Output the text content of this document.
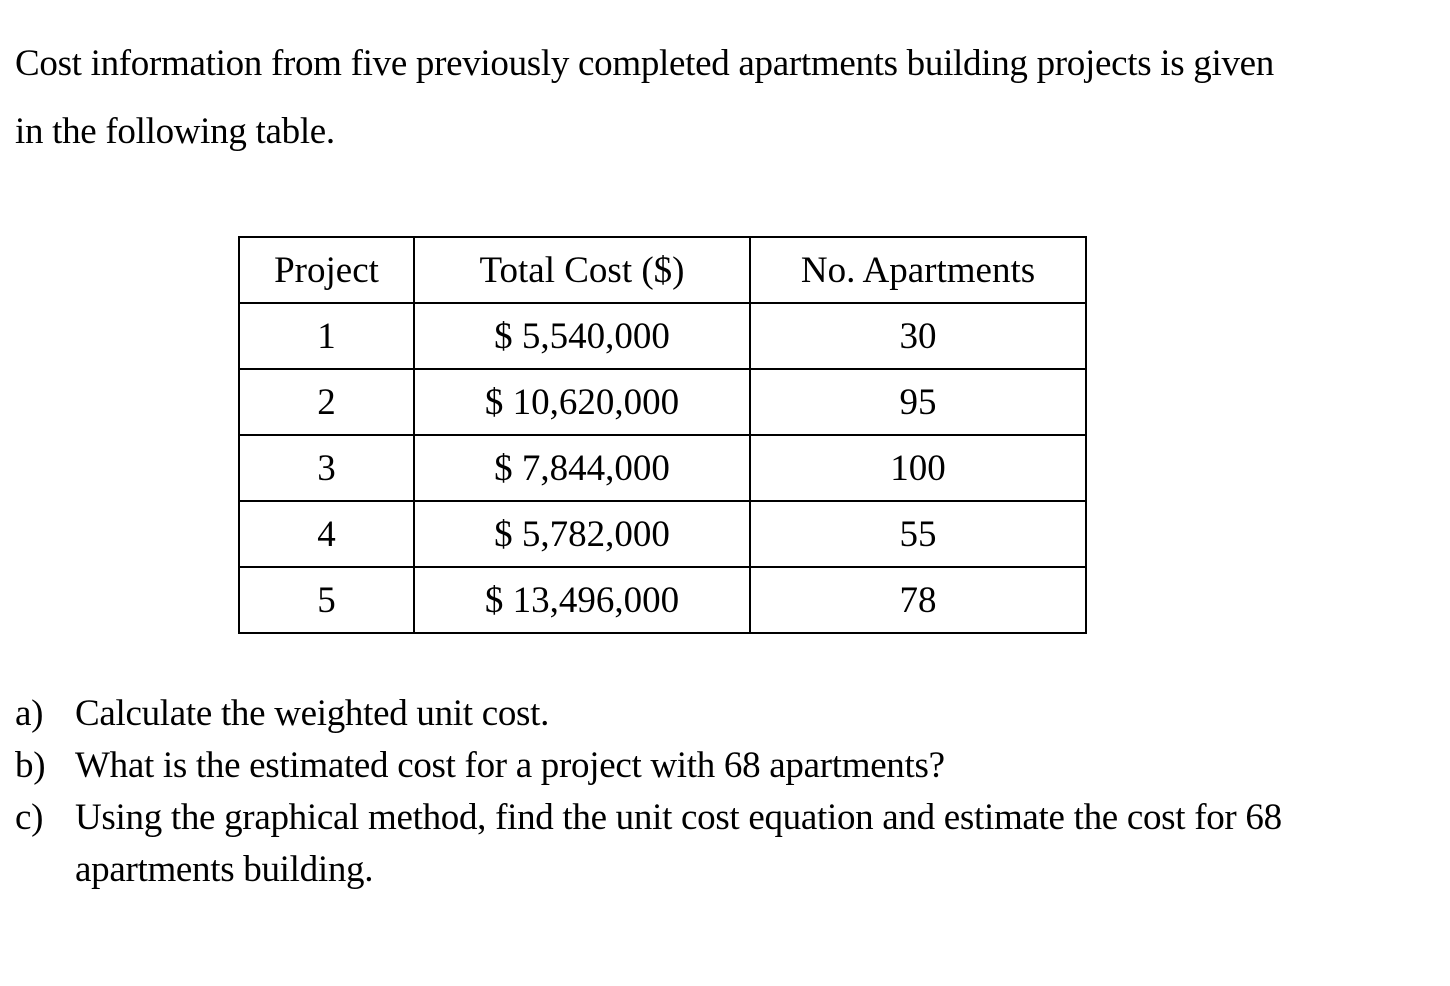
Cost information from five previously completed apartments building projects is given
in the following table.

Project	Total Cost ($)	No. Apartments
1	$ 5,540,000	30
2	$ 10,620,000	95
3	$ 7,844,000	100
4	$ 5,782,000	55
5	$ 13,496,000	78
a) Calculate the weighted unit cost.
b) What is the estimated cost for a project with 68 apartments?
c) Using the graphical method, find the unit cost equation and estimate the cost for 68 apartments building.
